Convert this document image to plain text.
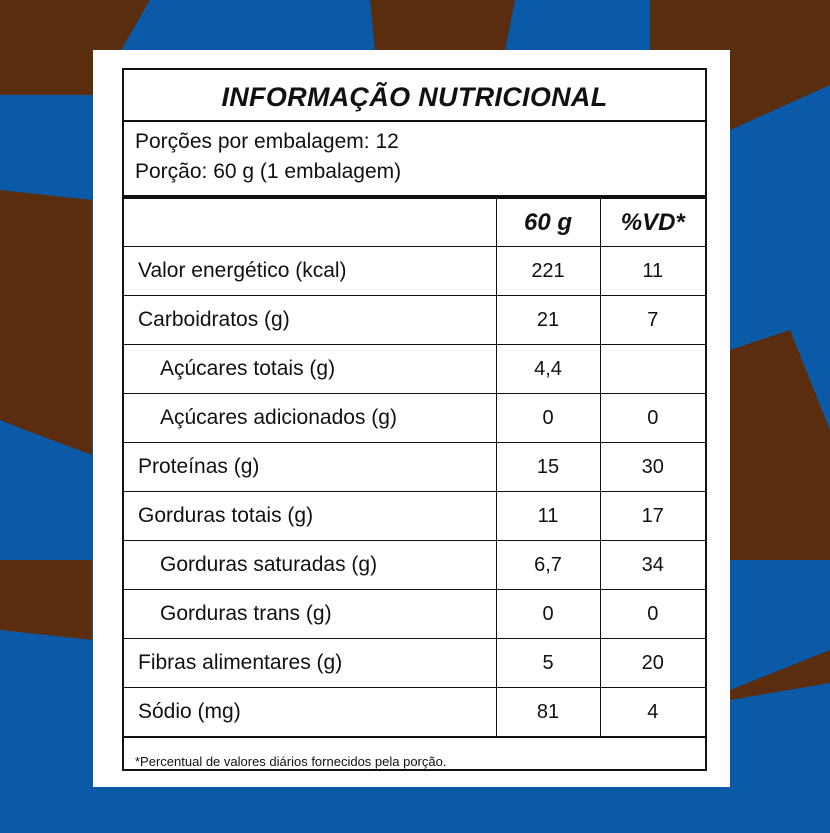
INFORMAÇÃO NUTRICIONAL
Porções por embalagem: 12
Porção: 60 g (1 embalagem)
	60 g	%VD*
Valor energético (kcal)	221	11
Carboidratos (g)	21	7
Açúcares totais (g)	4,4	
Açúcares adicionados (g)	0	0
Proteínas (g)	15	30
Gorduras totais (g)	11	17
Gorduras saturadas (g)	6,7	34
Gorduras trans (g)	0	0
Fibras alimentares (g)	5	20
Sódio (mg)	81	4
*Percentual de valores diários fornecidos pela porção.
